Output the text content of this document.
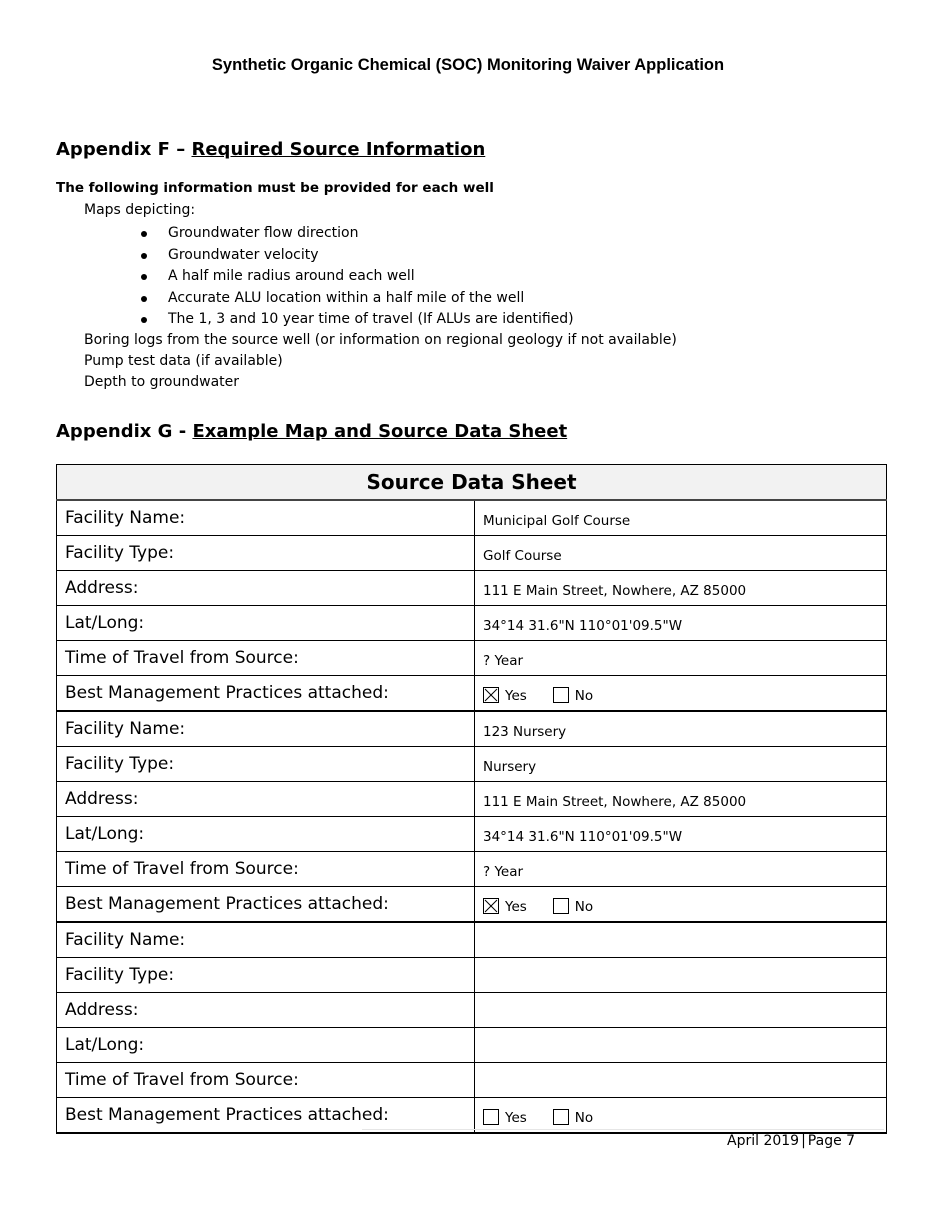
Synthetic Organic Chemical (SOC) Monitoring Waiver Application
Appendix F – Required Source Information
The following information must be provided for each well
Maps depicting:
Groundwater flow direction
Groundwater velocity
A half mile radius around each well
Accurate ALU location within a half mile of the well
The 1, 3 and 10 year time of travel (If ALUs are identified)
Boring logs from the source well (or information on regional geology if not available)
Pump test data (if available)
Depth to groundwater
Appendix G - Example Map and Source Data Sheet
Source Data Sheet	
Facility Name:	Municipal Golf Course
Facility Type:	Golf Course
Address:	111 E Main Street, Nowhere, AZ 85000
Lat/Long:	34°14 31.6"N 110°01'09.5"W
Time of Travel from Source:	? Year
Best Management Practices attached:	Yes No
Facility Name:	123 Nursery
Facility Type:	Nursery
Address:	111 E Main Street, Nowhere, AZ 85000
Lat/Long:	34°14 31.6"N 110°01'09.5"W
Time of Travel from Source:	? Year
Best Management Practices attached:	Yes No
Facility Name:	
Facility Type:	
Address:	
Lat/Long:	
Time of Travel from Source:	
Best Management Practices attached:	Yes No
April 2019 | Page 7
